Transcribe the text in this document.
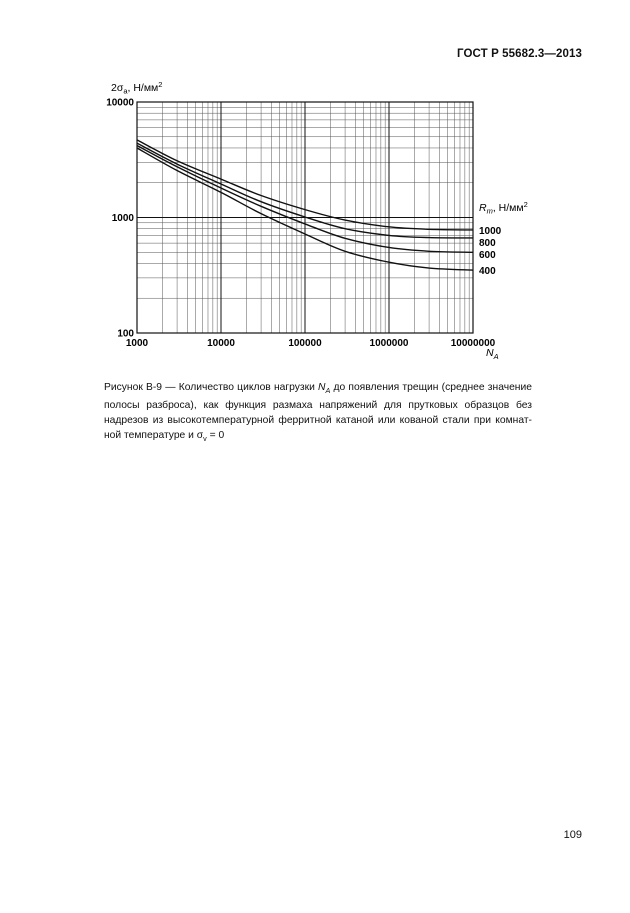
ГОСТ Р 55682.3—2013
1000
800
600
400
1000	10000	100000	1000000	10000000
100
1000
10000
$2\sigma_a$, $Н/мм^2$
$R_m$, $Н/мм^2$
$N_A$
Рисунок В-9 — Количество циклов нагрузки $N_A$ до появления трещин (среднее значение
полосы разброса), как функция размаха напряжений для прутковых образцов без
надрезов из высокотемпературной ферритной катаной или кованой стали при комнат-
ной температуре и $\sigma_v = 0$
109
